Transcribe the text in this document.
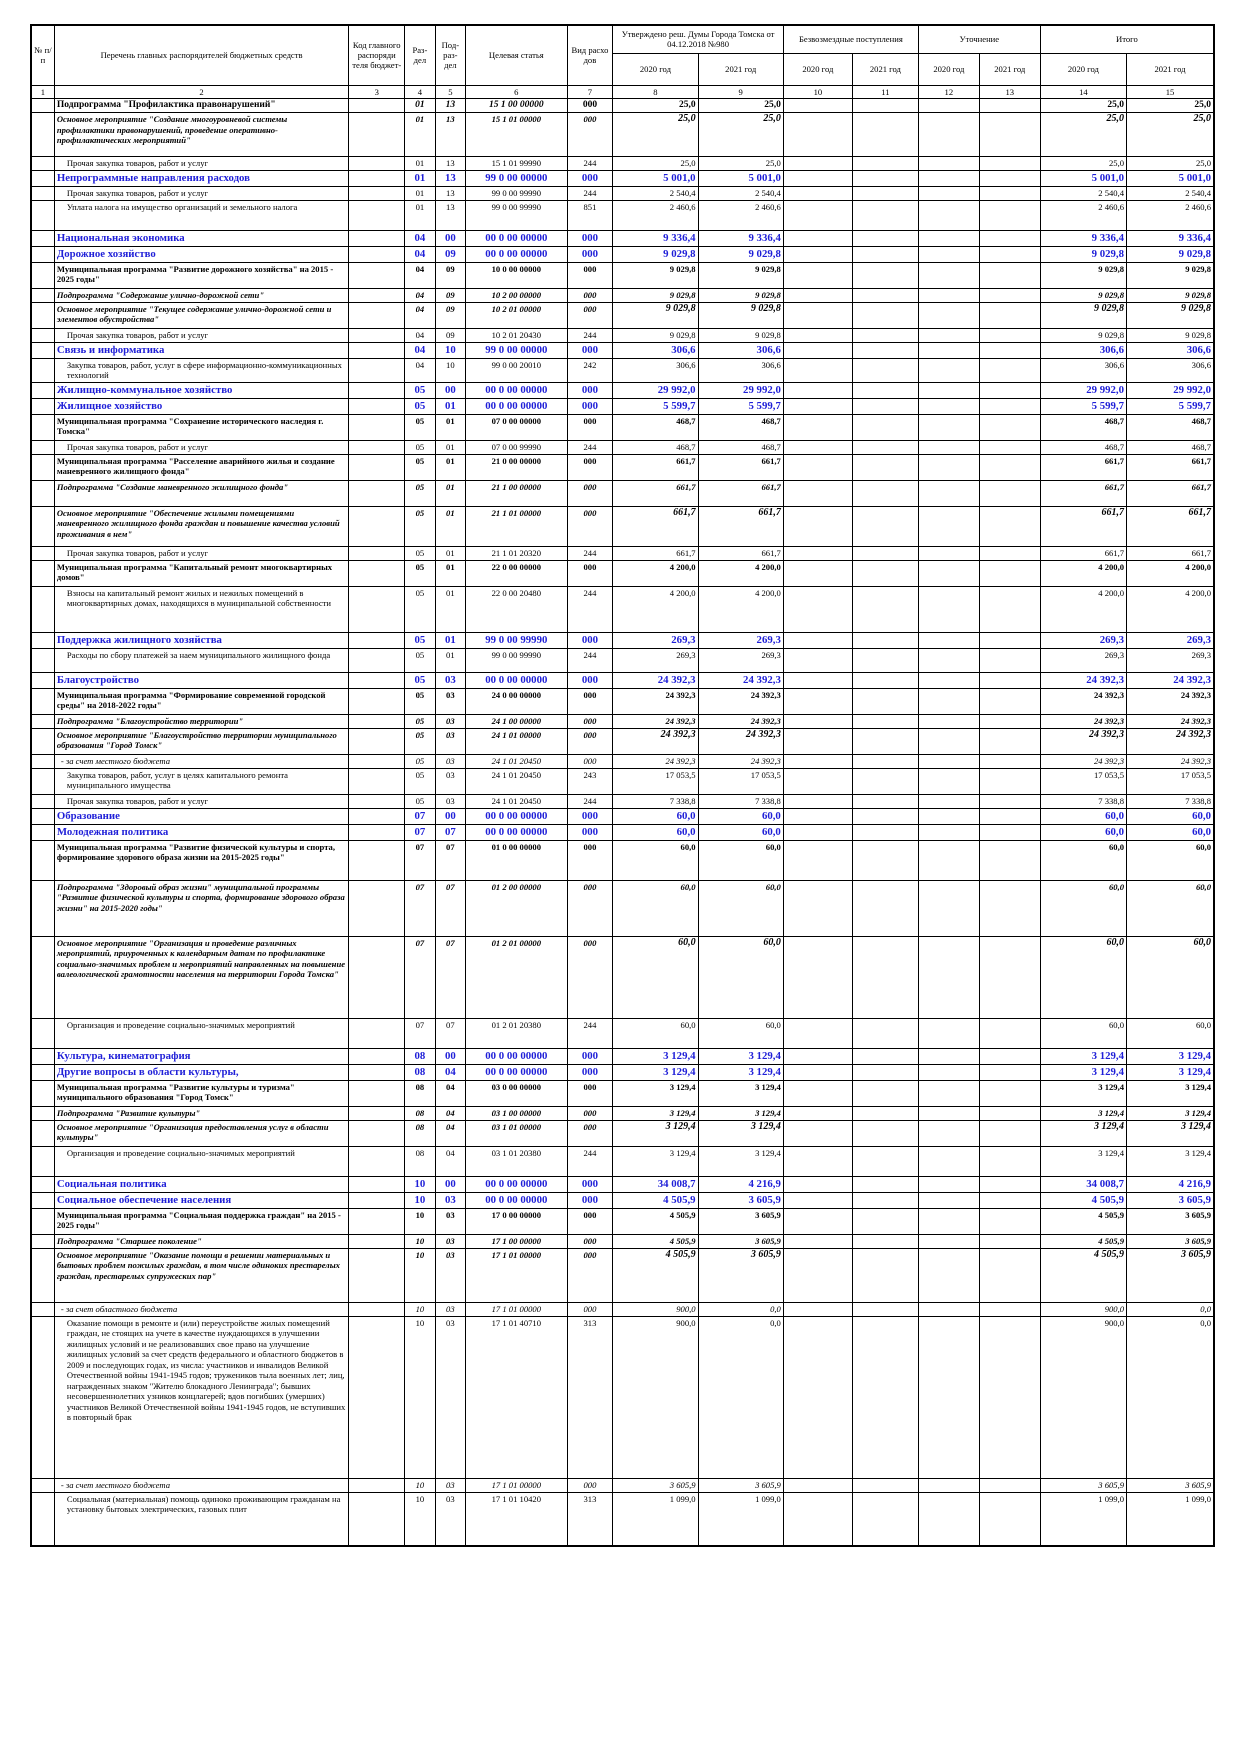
№ п/п	Перечень главных распорядителей бюджетных средств	Код главного распоряди теля бюджет-	Раз- дел	Под- раз- дел	Целевая статья	Вид расхо дов	Утверждено реш. Думы Города Томска от 04.12.2018 №980		Безвозмездные поступления		Уточнение		Итого	
							2020 год	2021 год	2020 год	2021 год	2020 год	2021 год	2020 год	2021 год
1	2	3	4	5	6	7	8	9	10	11	12	13	14	15
	Подпрограмма "Профилактика правонарушений"		01	13	15 1 00 00000	000	25,0	25,0					25,0	25,0
	Основное мероприятие "Создание многоуровневой системы профилактики правонарушений, проведение оперативно-профилактических мероприятий"		01	13	15 1 01 00000	000	25,0	25,0					25,0	25,0
	Прочая закупка товаров, работ и услуг		01	13	15 1 01 99990	244	25,0	25,0					25,0	25,0
	Непрограммные направления расходов		01	13	99 0 00 00000	000	5 001,0	5 001,0					5 001,0	5 001,0
	Прочая закупка товаров, работ и услуг		01	13	99 0 00 99990	244	2 540,4	2 540,4					2 540,4	2 540,4
	Уплата налога на имущество организаций и земельного налога		01	13	99 0 00 99990	851	2 460,6	2 460,6					2 460,6	2 460,6
	Национальная экономика		04	00	00 0 00 00000	000	9 336,4	9 336,4					9 336,4	9 336,4
	Дорожное хозяйство		04	09	00 0 00 00000	000	9 029,8	9 029,8					9 029,8	9 029,8
	Муниципальная программа "Развитие дорожного хозяйства" на 2015 - 2025 годы"		04	09	10 0 00 00000	000	9 029,8	9 029,8					9 029,8	9 029,8
	Подпрограмма "Содержание улично-дорожной сети"		04	09	10 2 00 00000	000	9 029,8	9 029,8					9 029,8	9 029,8
	Основное мероприятие "Текущее содержание улично-дорожной сети и элементов обустройства"		04	09	10 2 01 00000	000	9 029,8	9 029,8					9 029,8	9 029,8
	Прочая закупка товаров, работ и услуг		04	09	10 2 01 20430	244	9 029,8	9 029,8					9 029,8	9 029,8
	Связь и информатика		04	10	99 0 00 00000	000	306,6	306,6					306,6	306,6
	Закупка товаров, работ, услуг в сфере информационно-коммуникационных технологий		04	10	99 0 00 20010	242	306,6	306,6					306,6	306,6
	Жилищно-коммунальное хозяйство		05	00	00 0 00 00000	000	29 992,0	29 992,0					29 992,0	29 992,0
	Жилищное хозяйство		05	01	00 0 00 00000	000	5 599,7	5 599,7					5 599,7	5 599,7
	Муниципальная программа "Сохранение исторического наследия г. Томска"		05	01	07 0 00 00000	000	468,7	468,7					468,7	468,7
	Прочая закупка товаров, работ и услуг		05	01	07 0 00 99990	244	468,7	468,7					468,7	468,7
	Муниципальная программа "Расселение аварийного жилья и создание маневренного жилищного фонда"		05	01	21 0 00 00000	000	661,7	661,7					661,7	661,7
	Подпрограмма "Создание маневренного жилищного фонда"		05	01	21 1 00 00000	000	661,7	661,7					661,7	661,7
	Основное мероприятие "Обеспечение жилыми помещениями маневренного жилищного фонда граждан и повышение качества условий проживания в нем"		05	01	21 1 01 00000	000	661,7	661,7					661,7	661,7
	Прочая закупка товаров, работ и услуг		05	01	21 1 01 20320	244	661,7	661,7					661,7	661,7
	Муниципальная программа "Капитальный ремонт многоквартирных домов"		05	01	22 0 00 00000	000	4 200,0	4 200,0					4 200,0	4 200,0
	Взносы на капитальный ремонт жилых и нежилых помещений в многоквартирных домах, находящихся в муниципальной собственности		05	01	22 0 00 20480	244	4 200,0	4 200,0					4 200,0	4 200,0
	Поддержка жилищного хозяйства		05	01	99 0 00 99990	000	269,3	269,3					269,3	269,3
	Расходы по сбору платежей за наем муниципального жилищного фонда		05	01	99 0 00 99990	244	269,3	269,3					269,3	269,3
	Благоустройство		05	03	00 0 00 00000	000	24 392,3	24 392,3					24 392,3	24 392,3
	Муниципальная программа "Формирование современной городской среды" на 2018-2022 годы"		05	03	24 0 00 00000	000	24 392,3	24 392,3					24 392,3	24 392,3
	Подпрограмма "Благоустройство территории"		05	03	24 1 00 00000	000	24 392,3	24 392,3					24 392,3	24 392,3
	Основное мероприятие "Благоустройство территории муниципального образования "Город Томск"		05	03	24 1 01 00000	000	24 392,3	24 392,3					24 392,3	24 392,3
	- за счет местного бюджета		05	03	24 1 01 20450	000	24 392,3	24 392,3					24 392,3	24 392,3
	Закупка товаров, работ, услуг в целях капитального ремонта муниципального имущества		05	03	24 1 01 20450	243	17 053,5	17 053,5					17 053,5	17 053,5
	Прочая закупка товаров, работ и услуг		05	03	24 1 01 20450	244	7 338,8	7 338,8					7 338,8	7 338,8
	Образование		07	00	00 0 00 00000	000	60,0	60,0					60,0	60,0
	Молодежная политика		07	07	00 0 00 00000	000	60,0	60,0					60,0	60,0
	Муниципальная программа "Развитие физической культуры и спорта, формирование здорового образа жизни на 2015-2025 годы"		07	07	01 0 00 00000	000	60,0	60,0					60,0	60,0
	Подпрограмма "Здоровый образ жизни" муниципальной программы "Развитие физической культуры и спорта, формирование здорового образа жизни" на 2015-2020 годы"		07	07	01 2 00 00000	000	60,0	60,0					60,0	60,0
	Основное мероприятие "Организация и проведение различных мероприятий, приуроченных к календарным датам по профилактике социально-значимых проблем и мероприятий направленных на повышение валеологической грамотности населения на территории Города Томска"		07	07	01 2 01 00000	000	60,0	60,0					60,0	60,0
	Организация и проведение социально-значимых мероприятий		07	07	01 2 01 20380	244	60,0	60,0					60,0	60,0
	Культура, кинематография		08	00	00 0 00 00000	000	3 129,4	3 129,4					3 129,4	3 129,4
	Другие вопросы в области культуры,		08	04	00 0 00 00000	000	3 129,4	3 129,4					3 129,4	3 129,4
	Муниципальная программа "Развитие культуры и туризма" муниципального образования "Город Томск"		08	04	03 0 00 00000	000	3 129,4	3 129,4					3 129,4	3 129,4
	Подпрограмма "Развитие культуры"		08	04	03 1 00 00000	000	3 129,4	3 129,4					3 129,4	3 129,4
	Основное мероприятие "Организация предоставления услуг в области культуры"		08	04	03 1 01 00000	000	3 129,4	3 129,4					3 129,4	3 129,4
	Организация и проведение социально-значимых мероприятий		08	04	03 1 01 20380	244	3 129,4	3 129,4					3 129,4	3 129,4
	Социальная политика		10	00	00 0 00 00000	000	34 008,7	4 216,9					34 008,7	4 216,9
	Социальное обеспечение населения		10	03	00 0 00 00000	000	4 505,9	3 605,9					4 505,9	3 605,9
	Муниципальная программа "Социальная поддержка граждан" на 2015 - 2025 годы"		10	03	17 0 00 00000	000	4 505,9	3 605,9					4 505,9	3 605,9
	Подпрограмма "Старшее поколение"		10	03	17 1 00 00000	000	4 505,9	3 605,9					4 505,9	3 605,9
	Основное мероприятие "Оказание помощи в решении материальных и бытовых проблем пожилых граждан, в том числе одиноких престарелых граждан, престарелых супружеских пар"		10	03	17 1 01 00000	000	4 505,9	3 605,9					4 505,9	3 605,9
	- за счет областного бюджета		10	03	17 1 01 00000	000	900,0	0,0					900,0	0,0
	Оказание помощи в ремонте и (или) переустройстве жилых помещений граждан, не стоящих на учете в качестве нуждающихся в улучшении жилищных условий и не реализовавших свое право на улучшение жилищных условий за счет средств федерального и областного бюджетов в 2009 и последующих годах, из числа: участников и инвалидов Великой Отечественной войны 1941-1945 годов; тружеников тыла военных лет; лиц, награжденных знаком "Жителю блокадного Ленинграда"; бывших несовершеннолетних узников концлагерей; вдов погибших (умерших) участников Великой Отечественной войны 1941-1945 годов, не вступивших в повторный брак		10	03	17 1 01 40710	313	900,0	0,0					900,0	0,0
	- за счет местного бюджета		10	03	17 1 01 00000	000	3 605,9	3 605,9					3 605,9	3 605,9
	Социальная (материальная) помощь одиноко проживающим гражданам на установку бытовых электрических, газовых плит		10	03	17 1 01 10420	313	1 099,0	1 099,0					1 099,0	1 099,0
